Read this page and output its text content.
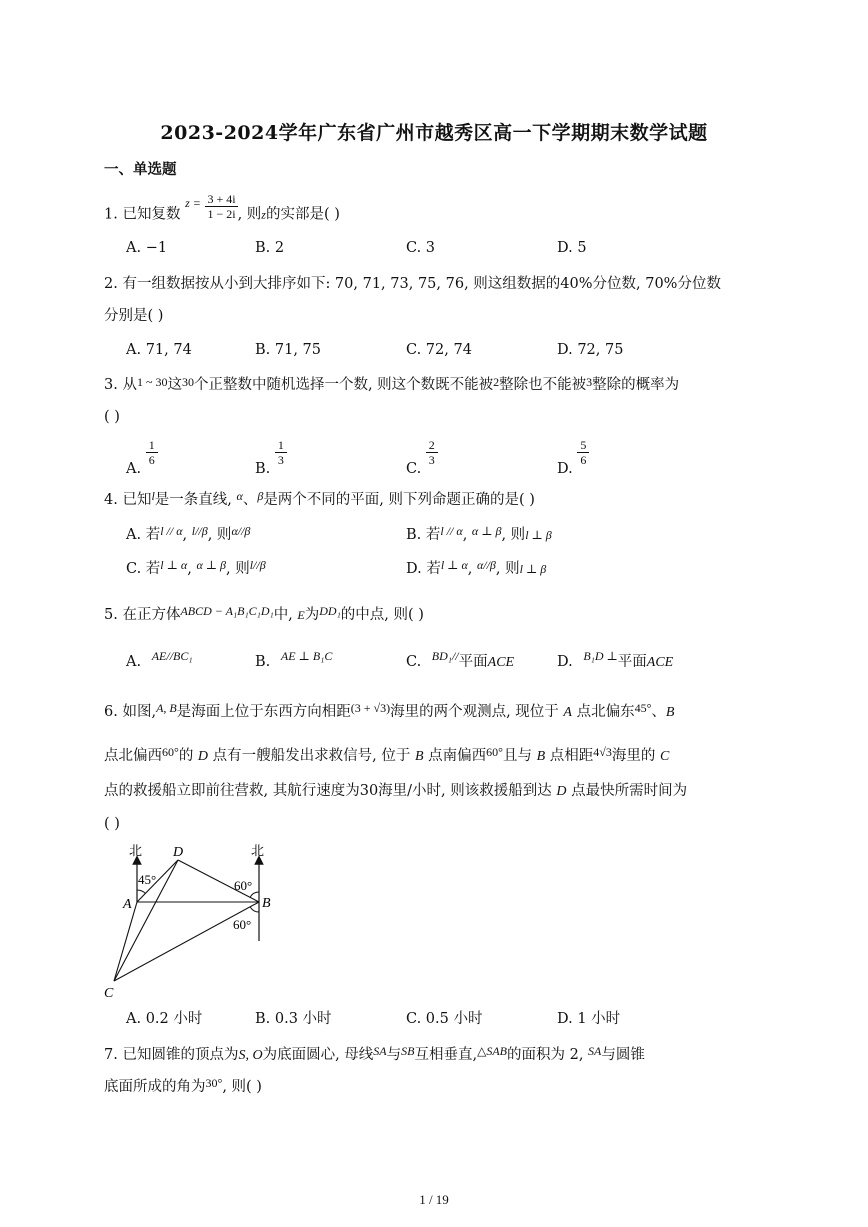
2023-2024学年广东省广州市越秀区高一下学期期末数学试题
一、单选题
1. 已知复数 $^{z =} \frac{3 + 4i}{1 - 2i}$ , 则z的实部是( )
A. −1	B. 2	C. 3	D. 5
2. 有一组数据按从小到大排序如下: 70, 71, 73, 75, 76, 则这组数据的40%分位数, 70%分位数
分别是( )
A. 71, 74	B. 71, 75	C. 72, 74	D. 72, 75
3. 从$^{1 \sim 30}$这$^{30}$个正整数中随机选择一个数, 则这个数既不能被$^2$整除也不能被$^3$整除的概率为
( )
A.
$\frac{1}{6}$
B.
$\frac{1}{3}$
C.
$\frac{2}{3}$
D.
$\frac{5}{6}$
4. 已知$^l$是一条直线, $^\alpha$、$^\beta$是两个不同的平面, 则下列命题正确的是( )
A. 若$^{l // \alpha}$, $^{l//\beta}$, 则$^{\alpha//\beta}$	B. 若$^{l // \alpha}$, $^{\alpha \perp \beta}$, 则l ⊥ β
C. 若$^{l \perp \alpha}$, $^{\alpha \perp \beta}$, 则$^{l//\beta}$	D. 若$^{l \perp \alpha}$, $^{\alpha//\beta}$, 则l ⊥ β
5. 在正方体$^{ABCD - A_1B_1C_1D_1}$中, E为$^{DD_1}$的中点, 则( )
A. $^{AE//BC_1}$	B. $^{AE \perp B_1C}$	C. $^{BD_1//}$平面ACE	D. $^{B_1D \perp}$平面ACE
6. 如图,$^{A, B}$是海面上位于东西方向相距$^{(3 + √3)}$海里的两个观测点, 现位于 A 点北偏东$^{45^\circ}$、B
点北偏西$^{60^\circ}$的 D 点有一艘船发出求救信号, 位于 B 点南偏西$^{60^\circ}$且与 B 点相距$^{4√3}$海里的 C
点的救援船立即前往营救, 其航行速度为30海里/小时, 则该救援船到达 D 点最快所需时间为
( )
北	北
45°	60°
60°
D
A	B
C
A. 0.2 小时	B. 0.3 小时	C. 0.5 小时	D. 1 小时
7. 已知圆锥的顶点为S, O为底面圆心, 母线$^{SA}$与$^{SB}$互相垂直,$^{\triangle SAB}$的面积为 2, $^{SA}$与圆锥
底面所成的角为$^{30^\circ}$, 则( )
1 / 19
